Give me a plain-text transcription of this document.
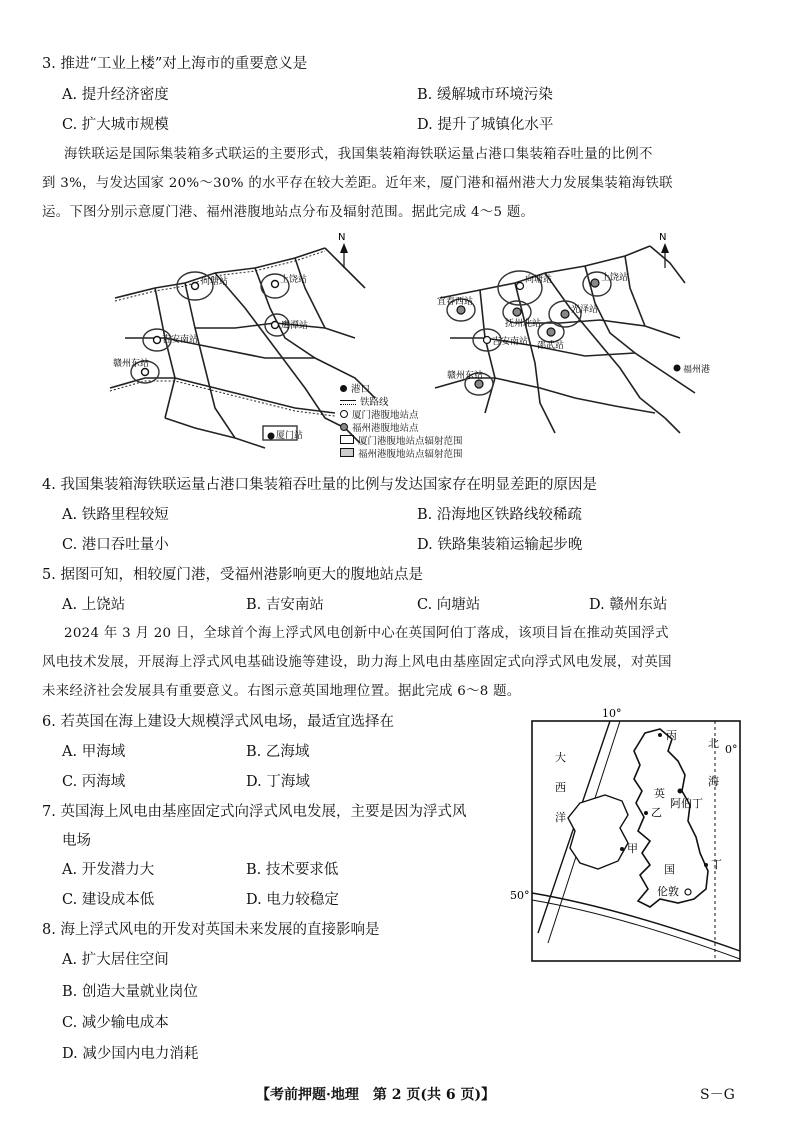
3. 推进“工业上楼”对上海市的重要意义是
A. 提升经济密度	B. 缓解城市环境污染
C. 扩大城市规模	D. 提升了城镇化水平
海铁联运是国际集装箱多式联运的主要形式，我国集装箱海铁联运量占港口集装箱吞吐量的比例不
到 3%，与发达国家 20%～30% 的水平存在较大差距。近年来，厦门港和福州港大力发展集装箱海铁联
运。下图分别示意厦门港、福州港腹地站点分布及辐射范围。据此完成 4～5 题。
向塘站	上饶站
鹰潭站
吉安南站
赣州东站
厦门站
N
向塘站	上饶站
宜春西站
抚州北站
光泽站
吉安南站 邵武站
赣州东站
福州港
N
港口
铁路线
厦门港腹地站点
福州港腹地站点
厦门港腹地站点辐射范围
福州港腹地站点辐射范围
4. 我国集装箱海铁联运量占港口集装箱吞吐量的比例与发达国家存在明显差距的原因是
A. 铁路里程较短	B. 沿海地区铁路线较稀疏
C. 港口吞吐量小	D. 铁路集装箱运输起步晚
5. 据图可知，相较厦门港，受福州港影响更大的腹地站点是
A. 上饶站	B. 吉安南站	C. 向塘站	D. 赣州东站
2024 年 3 月 20 日，全球首个海上浮式风电创新中心在英国阿伯丁落成，该项目旨在推动英国浮式
风电技术发展，开展海上浮式风电基础设施等建设，助力海上风电由基座固定式向浮式风电发展，对英国
未来经济社会发展具有重要意义。右图示意英国地理位置。据此完成 6～8 题。
6. 若英国在海上建设大规模浮式风电场，最适宜选择在
A. 甲海域	B. 乙海域
C. 丙海域	D. 丁海域
7. 英国海上风电由基座固定式向浮式风电发展，主要是因为浮式风
电场
A. 开发潜力大	B. 技术要求低
C. 建设成本低	D. 电力较稳定
8. 海上浮式风电的开发对英国未来发展的直接影响是
A. 扩大居住空间
B. 创造大量就业岗位
C. 减少输电成本
D. 减少国内电力消耗
10°
0°
50°
大
西
洋
北
海
英
国
丙
乙
甲
丁
阿伯丁
伦敦
【考前押题·地理　第 2 页(共 6 页)】	S－G
